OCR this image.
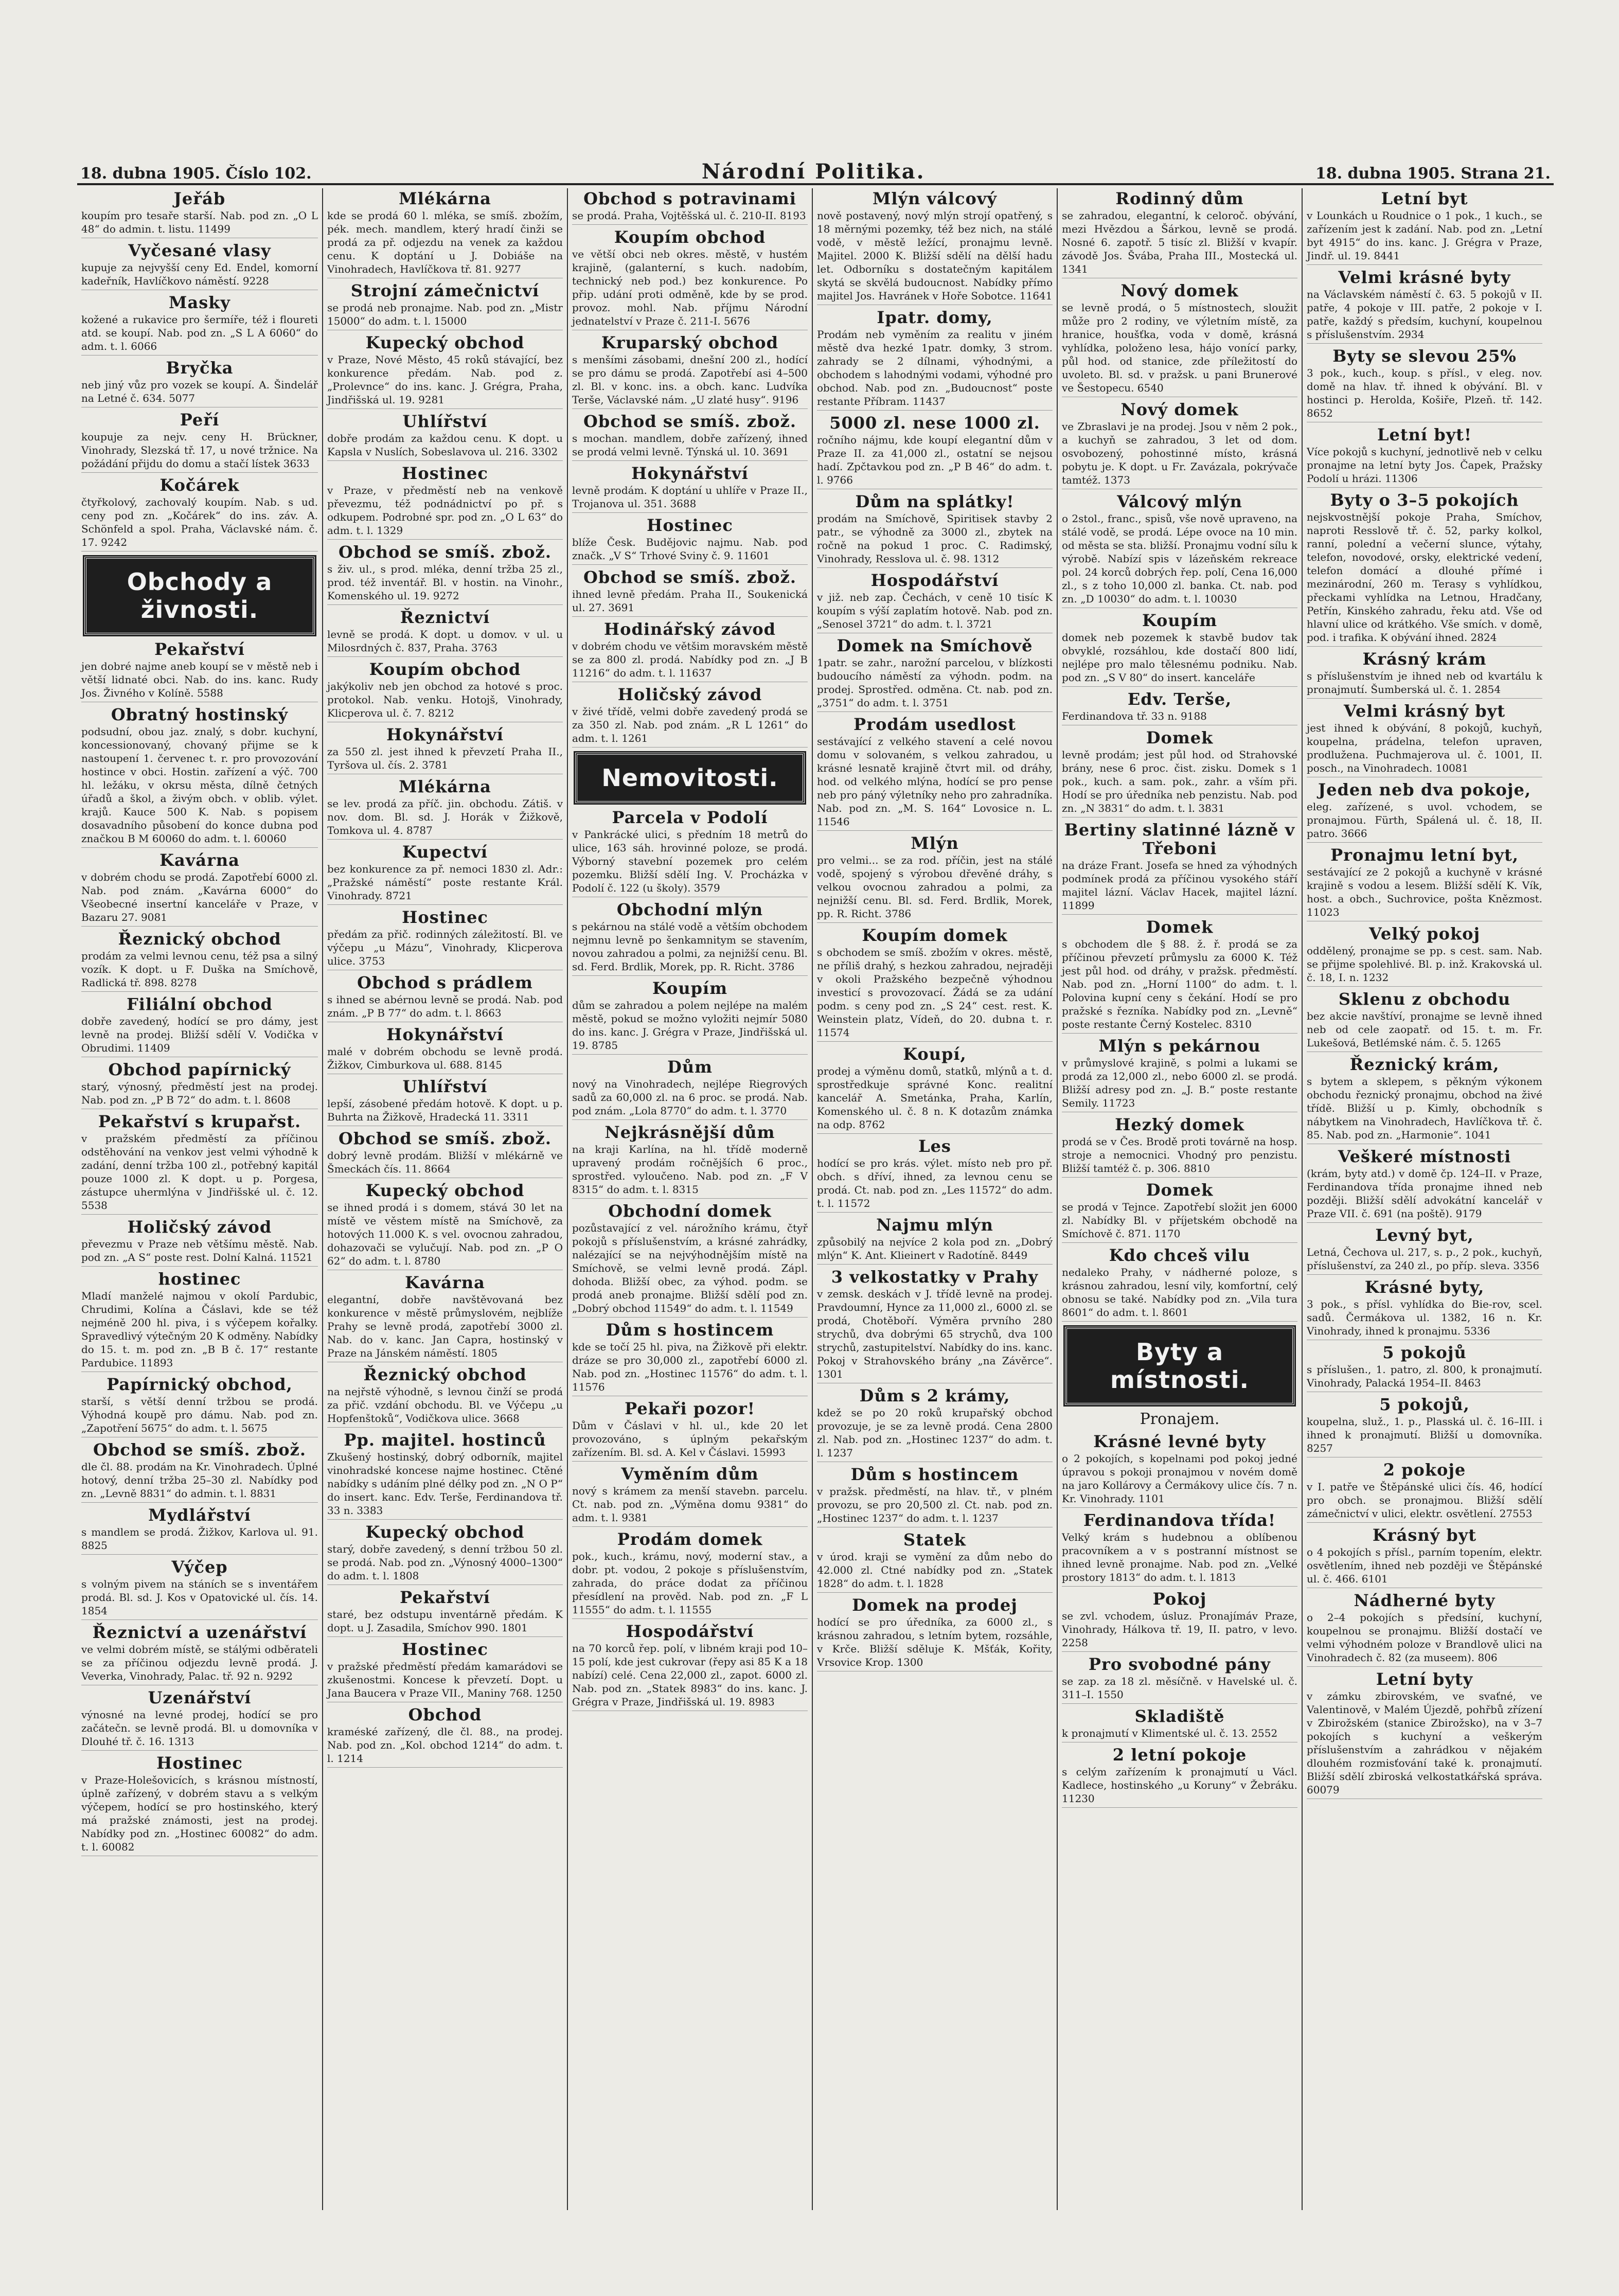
18. dubna 1905. Číslo 102.	Národní Politika.	18. dubna 1905. Strana 21.
Jeřáb

koupím pro tesaře starší. Nab. pod zn. „O L 48“ do admin. t. listu. 11499

Vyčesané vlasy

kupuje za nejvyšší ceny Ed. Endel, komorní kadeřník, Havlíčkovo náměstí. 9228

Masky

kožené a rukavice pro šermíře, též i floureti atd. se koupí. Nab. pod zn. „S L A 6060“ do adm. t. l. 6066

Bryčka

neb jiný vůz pro vozek se koupí. A. Šindelář na Letné č. 634. 5077

Peří

koupuje za nejv. ceny H. Brückner, Vinohrady, Slezská tř. 17, u nové tržnice. Na požádání přijdu do domu a stačí lístek 3633

Kočárek

čtyřkolový, zachovalý koupím. Nab. s ud. ceny pod zn. „Kočárek“ do ins. záv. A. Schönfeld a spol. Praha, Václavské nám. č. 17. 9242

Obchody a živnosti.
Pekařství

jen dobré najme aneb koupí se v městě neb i větší lidnaté obci. Nab. do ins. kanc. Rudy Jos. Živného v Kolíně. 5588

Obratný hostinský

podsudní, obou jaz. znalý, s dobr. kuchyní, koncessionovaný, chovaný přijme se k nastoupení 1. červenec t. r. pro provozování hostince v obci. Hostin. zařízení a výč. 700 hl. ležáku, v okrsu města, dílně četných úřadů a škol, a živým obch. v oblib. výlet. krajů. Kauce 500 K. Nab. s popisem dosavadního působení do konce dubna pod značkou B M 60060 do adm. t. l. 60060

Kavárna

v dobrém chodu se prodá. Zapotřebí 6000 zl. Nab. pod znám. „Kavárna 6000“ do Všeobecné insertní kanceláře v Praze, v Bazaru 27. 9081

Řeznický obchod

prodám za velmi levnou cenu, též psa a silný vozík. K dopt. u F. Duška na Smíchově, Radlická tř. 898. 8278

Filiální obchod

dobře zavedený, hodící se pro dámy, jest levně na prodej. Bližší sdělí V. Vodička v Obrudimi. 11409

Obchod papírnický

starý, výnosný, předměstí jest na prodej. Nab. pod zn. „P B 72“ do adm. t. l. 8608

Pekařství s krupařst.

v pražském předměstí za příčinou odstěhování na venkov jest velmi výhodně k zadání, denní tržba 100 zl., potřebný kapitál pouze 1000 zl. K dopt. u p. Porgesa, zástupce uhermlýna v Jindřišské ul. č. 12. 5538

Holičský závod

převezmu v Praze neb většímu městě. Nab. pod zn. „A S“ poste rest. Dolní Kalná. 11521

hostinec

Mladí manželé najmou v okolí Pardubic, Chrudimi, Kolína a Čáslavi, kde se též nejméně 200 hl. piva, i s výčepem kořalky. Spravedlivý výtečným 20 K odměny. Nabídky do 15. t. m. pod zn. „B B č. 17“ restante Pardubice. 11893

Papírnický obchod,

starší, s větší denní tržbou se prodá. Výhodná koupě pro dámu. Nab. pod zn. „Zapotření 5675“ do adm. t. l. 5675

Obchod se smíš. zbož.

dle čl. 88. prodám na Kr. Vinohradech. Úplné hotový, denní tržba 25–30 zl. Nabídky pod zn. „Levně 8831“ do admin. t. l. 8831

Mydlářství

s mandlem se prodá. Žižkov, Karlova ul. 91. 8825

Výčep

s volným pivem na stáních se s inventářem prodá. Bl. sd. J. Kos v Opatovické ul. čís. 14. 1854

Řeznictví a uzenářství

ve velmi dobrém místě, se stálými odběrateli se za příčinou odjezdu levně prodá. J. Veverka, Vinohrady, Palac. tř. 92 n. 9292

Uzenářství

výnosné na levné prodej, hodící se pro začátečn. se levně prodá. Bl. u domovníka v Dlouhé tř. č. 16. 1313

Hostinec

v Praze-Holešovicích, s krásnou místností, úplně zařízený, v dobrém stavu a s velkým výčepem, hodící se pro hostinského, který má pražské známosti, jest na prodej. Nabídky pod zn. „Hostinec 60082“ do adm. t. l. 60082

Mlékárna

kde se prodá 60 l. mléka, se smíš. zbožím, pék. mech. mandlem, který hradí činži se prodá za př. odjezdu na venek za každou cenu. K doptání u J. Dobiáše na Vinohradech, Havlíčkova tř. 81. 9277

Strojní zámečnictví

se prodá neb pronajme. Nab. pod zn. „Mistr 15000“ do adm. t. l. 15000

Kupecký obchod

v Praze, Nové Město, 45 roků stávající, bez konkurence předám. Nab. pod z. „Prolevnce“ do ins. kanc. J. Grégra, Praha, Jindřišská ul. 19. 9281

Uhlířství

dobře prodám za každou cenu. K dopt. u Kapsla v Nuslích, Sobeslavova ul. 216. 3302

Hostinec

v Praze, v předměstí neb na venkově převezmu, též podnádnictví po př. s odkupem. Podrobné spr. pod zn. „O L 63“ do adm. t. l. 1329

Obchod se smíš. zbož.

s živ. ul., s prod. mléka, denní tržba 25 zl., prod. též inventář. Bl. v hostin. na Vinohr., Komenského ul. 19. 9272

Řeznictví

levně se prodá. K dopt. u domov. v ul. u Milosrdných č. 837, Praha. 3763

Koupím obchod

jakýkoliv neb jen obchod za hotové s proc. protokol. Nab. venku. Hotojš, Vinohrady, Klicperova ul. č. 7. 8212

Hokynářství

za 550 zl. jest ihned k převzetí Praha II., Tyršova ul. čís. 2. 3781

Mlékárna

se lev. prodá za příč. jin. obchodu. Zátiš. v nov. dom. Bl. sd. J. Horák v Žižkově, Tomkova ul. 4. 8787

Kupectví

bez konkurence za př. nemoci 1830 zl. Adr.: „Pražské náměstí“ poste restante Král. Vinohrady. 8721

Hostinec

předám za přič. rodinných záležitostí. Bl. ve výčepu „u Mázu“, Vinohrady, Klicperova ulice. 3753

Obchod s prádlem

s ihned se abérnou levně se prodá. Nab. pod znám. „P B 77“ do adm. t. l. 8663

Hokynářství

malé v dobrém obchodu se levně prodá. Žižkov, Cimburkova ul. 688. 8145

Uhlířství

lepší, zásobené předám hotově. K dopt. u p. Buhrta na Žižkově, Hradecká 11. 3311

Obchod se smíš. zbož.

dobrý levně prodám. Bližší v mlékárně ve Šmeckách čís. 11. 8664

Kupecký obchod

se ihned prodá i s domem, stává 30 let na místě ve věstem místě na Smíchově, za hotových 11.000 K. s vel. ovocnou zahradou, dohazovači se vylučují. Nab. pod zn. „P O 62“ do adm. t. l. 8780

Kavárna

elegantní, dobře navštěvovaná bez konkurence v městě průmyslovém, nejblíže Prahy se levně prodá, zapotřebí 3000 zl. Nab. do v. kanc. Jan Capra, hostinský v Praze na Jánském náměstí. 1805

Řeznický obchod

na nejřstě výhodně, s levnou činží se prodá za přič. vzdání obchodu. Bl. ve Výčepu „u Hopfenštoků“, Vodičkova ulice. 3668

Pp. majitel. hostinců

Zkušený hostinský, dobrý odborník, majitel vinohradské koncese najme hostinec. Ctěné nabídky s udáním plné délky pod zn. „N O P“ do insert. kanc. Edv. Terše, Ferdinandova tř. 33 n. 3383

Kupecký obchod

starý, dobře zavedený, s denní tržbou 50 zl. se prodá. Nab. pod zn. „Výnosný 4000–1300“ do adm. t. l. 1808

Pekařství

staré, bez odstupu inventárně předám. K dopt. u J. Zasadila, Smíchov 990. 1801

Hostinec

v pražské předměstí předám kamarádovi se zkušenostmi. Koncese k převzetí. Dopt. u Jana Baucera v Praze VII., Maniny 768. 1250

Obchod

kraméské zařízený, dle čl. 88., na prodej. Nab. pod zn. „Kol. obchod 1214“ do adm. t. l. 1214

Obchod s potravinami

se prodá. Praha, Vojtěšská ul. č. 210-II. 8193

Koupím obchod

ve větší obci neb okres. městě, v hustém krajině, (galanterní, s kuch. nadobím, technický neb pod.) bez konkurence. Po přip. udání proti odměně, kde by se prod. provoz. mohl. Nab. příjmu Národní jednatelství v Praze č. 211-I. 5676

Kruparský obchod

s menšími zásobami, dnešní 200 zl., hodící se pro dámu se prodá. Zapotřebí asi 4–500 zl. Bl. v konc. ins. a obch. kanc. Ludvíka Terše, Václavské nám. „U zlaté husy“. 9196

Obchod se smíš. zbož.

s mochan. mandlem, dobře zařízený, ihned se prodá velmi levně. Týnská ul. 10. 3691

Hokynářství

levně prodám. K doptání u uhlíře v Praze II., Trojanova ul. 351. 3688

Hostinec

blíže Česk. Budějovic najmu. Nab. pod značk. „V S“ Trhové Sviny č. 9. 11601

Obchod se smíš. zbož.

ihned levně předám. Praha II., Soukenická ul. 27. 3691

Hodinářský závod

v dobrém chodu ve většim moravském městě se za 800 zl. prodá. Nabídky pod zn. „J B 11216“ do adm. t. l. 11637

Holičský závod

v živé třídě, velmi dobře zavedený prodá se za 350 zl. Nab. pod znám. „R L 1261“ do adm. t. l. 1261

Nemovitosti.
Parcela v Podolí

v Pankrácké ulici, s předním 18 metrů do ulice, 163 sáh. hrovinné poloze, se prodá. Výborný stavební pozemek pro celém pozemku. Bližší sdělí Ing. V. Procházka v Podolí č. 122 (u školy). 3579

Obchodní mlýn

s pekárnou na stálé vodě a větším obchodem nejmnu levně po šenkamnitym se stavením, novou zahradou a polmi, za nejnižší cenu. Bl. sd. Ferd. Brdlik, Morek, pp. R. Richt. 3786

Koupím

dům se zahradou a polem nejlépe na malém městě, pokud se možno vyložiti nejmír 5080 do ins. kanc. J. Grégra v Praze, Jindřišská ul. 19. 8785

Dům

nový na Vinohradech, nejlépe Riegrových sadů za 60,000 zl. na 6 proc. se prodá. Nab. pod znám. „Lola 8770“ do adm. t. l. 3770

Nejkrásnější dům

na kraji Karlína, na hl. třídě moderně upravený prodám ročnějších 6 proc., sprostřed. vyloučeno. Nab. pod zn. „F V 8315“ do adm. t. l. 8315

Obchodní domek

pozůstavající z vel. nárožního krámu, čtyř pokojů s příslušenstvím, a krásné zahrádky, nalézající se na nejvýhodnějším místě na Smíchově, se velmi levně prodá. Zápl. dohoda. Bližší obec, za výhod. podm. se prodá aneb pronajme. Bližší sdělí pod zn. „Dobrý obchod 11549“ do adm. t. l. 11549

Dům s hostincem

kde se točí 25 hl. piva, na Žižkově při elektr. dráze se pro 30,000 zl., zapotřebí 6000 zl. Nab. pod zn. „Hostinec 11576“ do adm. t. l. 11576

Pekaři pozor!

Dům v Čáslavi v hl. ul., kde 20 let provozováno, s úplným pekařským zařízením. Bl. sd. A. Kel v Čáslavi. 15993

Vyměním dům

nový s krámem za menší stavebn. parcelu. Ct. nab. pod zn. „Výměna domu 9381“ do adm. t. l. 9381

Prodám domek

pok., kuch., krámu, nový, moderní stav., a dobr. pt. vodou, 2 pokoje s příslušenstvím, zahrada, do práce dodat za příčinou přesídlení na prověd. Nab. pod zn. „F L 11555“ do adm. t. l. 11555

Hospodářství

na 70 korců řep. polí, v libném kraji pod 10–15 polí, kde jest cukrovar (řepy asi 85 K a 18 nabízí) celé. Cena 22,000 zl., zapot. 6000 zl. Nab. pod zn. „Statek 8983“ do ins. kanc. J. Grégra v Praze, Jindřišská ul. 19. 8983

Mlýn válcový

nově postavený, nový mlýn strojí opatřený, s 18 měrnými pozemky, též bez nich, na stálé vodě, v městě ležící, pronajmu levně. Majitel. 2000 K. Bližší sdělí na dělší hadu let. Odborníku s dostatečným kapitálem skytá se skvělá budoucnost. Nabídky přímo majitel Jos. Havránek v Hoře Sobotce. 11641

Ipatr. domy,

Prodám neb vyměním za realitu v jiném městě dva hezké 1patr. domky, 3 strom. zahrady se 2 dílnami, výhodnými, a obchodem s lahodnými vodami, výhodné pro obchod. Nab. pod zn. „Budoucnost“ poste restante Příbram. 11437

5000 zl. nese 1000 zl.

ročního nájmu, kde koupí elegantní dům v Praze II. za 41,000 zl., ostatní se nejsou hadí. Zpčtavkou pod zn. „P B 46“ do adm. t. l. 9766

Dům na splátky!

prodám na Smíchově, Spiritisek stavby 2 patr., se výhodně za 3000 zl., zbytek na ročně na pokud 1 proc. C. Radimský, Vinohrady, Resslova ul. č. 98. 1312

Hospodářství

v již. neb zap. Čechách, v ceně 10 tisíc K koupím s výší zaplatím hotově. Nab. pod zn. „Senosel 3721“ do adm. t. l. 3721

Domek na Smíchově

1patr. se zahr., narožní parcelou, v blízkosti budoucího náměstí za výhodn. podm. na prodej. Sprostřed. odměna. Ct. nab. pod zn. „3751“ do adm. t. l. 3751

Prodám usedlost

sestávající z velkého stavení a celé novou domu v solovaném, s velkou zahradou, u krásné lesnatě krajině čtvrt mil. od dráhy, hod. od velkého mlýna, hodící se pro pense neb pro páný výletníky neho pro zahradníka. Nab. pod zn. „M. S. 164“ Lovosice n. L. 11546

Mlýn

pro velmi... se za rod. příčin, jest na stálé vodě, spojený s výrobou dřevěné dráhy, s velkou ovocnou zahradou a polmi, za nejnižší cenu. Bl. sd. Ferd. Brdlik, Morek, pp. R. Richt. 3786

Koupím domek

s obchodem se smíš. zbožím v okres. městě, ne příliš drahý, s hezkou zahradou, nejraději v okoli Pražského bezpečně výhodnou investicí s provozovací. Žádá se za udání podm. s ceny pod zn. „S 24“ cest. rest. K. Weinstein platz, Vídeň, do 20. dubna t. r. 11574

Koupí,

prodej a výměnu domů, statků, mlýnů a t. d. sprostředkuje správné Konc. realitní kancelář A. Smetánka, Praha, Karlín, Komenského ul. č. 8 n. K dotazům známka na odp. 8762

Les

hodící se pro krás. výlet. místo neb pro př. obch. s dříví, ihned, za levnou cenu se prodá. Ct. nab. pod zn. „Les 11572“ do adm. t. l. 11572

Najmu mlýn

způsobilý na nejvíce 2 kola pod zn. „Dobrý mlýn“ K. Ant. Klieinert v Radotíně. 8449

3 velkostatky v Prahy

v zemsk. deskách v J. třídě levně na prodej. Pravdoumní, Hynce za 11,000 zl., 6000 zl. se prodá, Chotěboří. Výměra prvního 280 strychů, dva dobrými 65 strychů, dva 100 strychů, zastupitelství. Nabídky do ins. kanc. Pokoj v Strahovského brány „na Závěrce“. 1301

Dům s 2 krámy,

kdež se po 20 roků krupařský obchod provozuje, je se za levně prodá. Cena 2800 zl. Nab. pod zn. „Hostinec 1237“ do adm. t. l. 1237

Dům s hostincem

v pražsk. předměstí, na hlav. tř., v plném provozu, se pro 20,500 zl. Ct. nab. pod zn. „Hostinec 1237“ do adm. t. l. 1237

Statek

v úrod. kraji se vymění za dům nebo do 42.000 zl. Ctné nabídky pod zn. „Statek 1828“ do adm. t. l. 1828

Domek na prodej

hodící se pro úředníka, za 6000 zl., s krásnou zahradou, s letním bytem, rozsáhle, v Krče. Bližší sděluje K. Mšťák, Kořity, Vrsovice Krop. 1300

Rodinný dům

se zahradou, elegantní, k celoroč. obývání, mezi Hvězdou a Šárkou, levně se prodá. Nosné 6. zapotř. 5 tisíc zl. Bližší v kvapír. závodě Jos. Švába, Praha III., Mostecká ul. 1341

Nový domek

se levně prodá, o 5 místnostech, sloužit může pro 2 rodiny, ve výletním místě, za hranice, houšťka, voda v domě, krásná vyhlídka, položeno lesa, hájo vonící parky, půl hod. od stanice, zde příležitostí do uvoleto. Bl. sd. v pražsk. u pani Brunerové ve Šestopecu. 6540

Nový domek

ve Zbraslavi je na prodej. Jsou v něm 2 pok., a kuchyň se zahradou, 3 let od dom. osvobozený, pohostinné místo, krásná pobytu je. K dopt. u Fr. Zavázala, pokrývače tamtéž. 1373

Válcový mlýn

o 2stol., franc., spisů, vše nově upraveno, na stálé vodě, se prodá. Lépe ovoce na 10 min. od města se sta. bližší. Pronajmu vodní sílu k výrobě. Nabízí spis v lázeňském rekreace pol. 24 korců dobrých řep. polí, Cena 16,000 zl., s z toho 10,000 zl. banka. Ct. nab. pod zn. „D 10030“ do adm. t. l. 10030

Koupím

domek neb pozemek k stavbě budov tak obvyklé, rozsáhlou, kde dostačí 800 lidí, nejlépe pro malo tělesnému podniku. Nab. pod zn. „S V 80“ do insert. kanceláře

Edv. Terše,

Ferdinandova tř. 33 n. 9188

Domek

levně prodám; jest půl hod. od Strahovské brány, nese 6 proc. čist. zisku. Domek s 1 pok., kuch. a sam. pok., zahr. a vším při. Hodí se pro úředníka neb penzistu. Nab. pod zn. „N 3831“ do adm. t. l. 3831

Bertiny slatinné lázně v Třeboni

na dráze Frant. Josefa se hned za výhodných podmínek prodá za příčinou vysokého stáří majitel lázní. Václav Hacek, majitel lázní. 11899

Domek

s obchodem dle § 88. ž. ř. prodá se za příčinou převzetí průmyslu za 6000 K. Též jest půl hod. od dráhy, v pražsk. předměstí. Nab. pod zn. „Horní 1100“ do adm. t. l. Polovina kupní ceny s čekání. Hodí se pro pražské s řezníka. Nabídky pod zn. „Levně“ poste restante Černý Kostelec. 8310

Mlýn s pekárnou

v průmyslové krajině, s polmi a lukami se prodá za 12,000 zl., nebo 6000 zl. se prodá. Bližší adresy pod zn. „J. B.“ poste restante Semily. 11723

Hezký domek

prodá se v Čes. Brodě proti továrně na hosp. stroje a nemocnici. Vhodný pro penzistu. Bližší tamtéž č. p. 306. 8810

Domek

se prodá v Tejnce. Zapotřebí složit jen 6000 zl. Nabídky Bl. v příjetském obchodě na Smíchově č. 871. 1170

Kdo chceš vilu

nedaleko Prahy, v nádherné poloze, s krásnou zahradou, lesní vily, komfortní, celý obnosu se také. Nabídky pod zn. „Vila tura 8601“ do adm. t. l. 8601

Byty a místnosti.
Pronajem.
Krásné levné byty

o 2 pokojích, s kopelnami pod pokoj jedné úpravou s pokoji pronajmou v novém domě na jaro Kollárovy a Čermákovy ulice čís. 7 n. Kr. Vinohrady. 1101

Ferdinandova třída!

Velký krám s hudebnou a oblíbenou pracovníkem a v s postranní místnost se ihned levně pronajme. Nab. pod zn. „Velké prostory 1813“ do adm. t. l. 1813

Pokoj

se zvl. vchodem, úsluz. Pronajímáv Praze, Vinohrady, Hálkova tř. 19, II. patro, v levo. 2258

Pro svobodné pány

se zap. za 18 zl. měsíčně. v Havelské ul. č. 311–I. 1550

Skladiště

k pronajmutí v Klimentské ul. č. 13. 2552

2 letní pokoje

s celým zařízením k pronajmutí u Václ. Kadlece, hostinského „u Koruny“ v Žebráku. 11230

Letní byt

v Lounkách u Roudnice o 1 pok., 1 kuch., se zařízením jest k zadání. Nab. pod zn. „Letní byt 4915“ do ins. kanc. J. Grégra v Praze, Jindř. ul. 19. 8441

Velmi krásné byty

na Václavském náměstí č. 63. 5 pokojů v II. patře, 4 pokoje v III. patře, 2 pokoje v I. patře, každý s předsím, kuchyní, koupelnou s příslušenstvím. 2934

Byty se slevou 25%

3 pok., kuch., koup. s přísl., v eleg. nov. domě na hlav. tř. ihned k obývání. Bl. v hostinci p. Herolda, Košiře, Plzeň. tř. 142. 8652

Letní byt!

Více pokojů s kuchyní, jednotlivě neb v celku pronajme na letní byty Jos. Čapek, Pražsky Podolí u hrázi. 11306

Byty o 3–5 pokojích

nejskvostnější pokoje Praha, Smíchov, naproti Resslově tř. č. 52, parky kolkol, ranní, polední a večerní slunce, výtahy, telefon, novodové, orsky, elektrické vedení, telefon domácí a dlouhé přímé i mezinárodní, 260 m. Terasy s vyhlídkou, přeckami vyhlídka na Letnou, Hradčany, Petřín, Kinského zahradu, řeku atd. Vše od hlavní ulice od krátkého. Vše smích. v domě, pod. i trafika. K obývání ihned. 2824

Krásný krám

s příslušenstvím je ihned neb od kvartálu k pronajmutí. Šumberská ul. č. 1. 2854

Velmi krásný byt

jest ihned k obývání, 8 pokojů, kuchyň, koupelna, prádelna, telefon upraven, prodlužena. Puchmajerova ul. č. 1001, II. posch., na Vinohradech. 10081

Jeden neb dva pokoje,

eleg. zařízené, s uvol. vchodem, se pronajmou. Fürth, Spálená ul. č. 18, II. patro. 3666

Pronajmu letní byt,

sestávající ze 2 pokojů a kuchyně v krásné krajině s vodou a lesem. Bližší sdělí K. Vík, host. a obch., Suchrovice, pošta Knězmost. 11023

Velký pokoj

oddělený, pronajme se pp. s cest. sam. Nab. se přijme spolehlivé. Bl. p. inž. Krakovská ul. č. 18, I. n. 1232

Sklenu z obchodu

bez akcie navštíví, pronajme se levně ihned neb od cele zaopatř. od 15. t. m. Fr. Lukešová, Betlémské nám. č. 5. 1265

Řeznický krám,

s bytem a sklepem, s pěkným výkonem obchodu řeznický pronajmu, obchod na živé třídě. Bližší u p. Kimly, obchodník s nábytkem na Vinohradech, Havlíčkova tř. č. 85. Nab. pod zn. „Harmonie“. 1041

Veškeré místnosti

(krám, byty atd.) v domě čp. 124–II. v Praze, Ferdinandova třída pronajme ihned neb později. Bližší sdělí advokátní kancelář v Praze VII. č. 691 (na poště). 9179

Levný byt,

Letná, Čechova ul. 217, s. p., 2 pok., kuchyň, příslušenství, za 240 zl., po příp. sleva. 3356

Krásné byty,

3 pok., s přísl. vyhlídka do Bie-rov, scel. sadů. Čermákova ul. 1382, 16 n. Kr. Vinohrady, ihned k pronajmu. 5336

5 pokojů

s příslušen., 1. patro, zl. 800, k pronajmutí. Vinohrady, Palacká 1954–II. 8463

5 pokojů,

koupelna, služ., 1. p., Plasská ul. č. 16–III. i ihned k pronajmutí. Bližší u domovníka. 8257

2 pokoje

v I. patře ve Štěpánské ulici čís. 46, hodící pro obch. se pronajmou. Bližší sdělí zámečnictví v ulici, elektr. osvětlení. 27553

Krásný byt

o 4 pokojích s přísl., parním topením, elektr. osvětlením, ihned neb později ve Štěpánské ul. č. 466. 6101

Nádherné byty

o 2–4 pokojích s předsíní, kuchyní, koupelnou se pronajmu. Bližší dostačí ve velmi výhodném poloze v Brandlově ulici na Vinohradech č. 82 (za museem). 806

Letní byty

v zámku zbirovském, ve svaťné, ve Valentinově, v Malém Újezdě, pohřbů zřízení v Zbirožském (stanice Zbirožsko), na v 3–7 pokojích s kuchyní a veškerým příslušenstvím a zahrádkou v nějakém dlouhém rozmisťování také k. pronajmutí. Bližší sdělí zbiroská velkostatkářská správa. 60079
